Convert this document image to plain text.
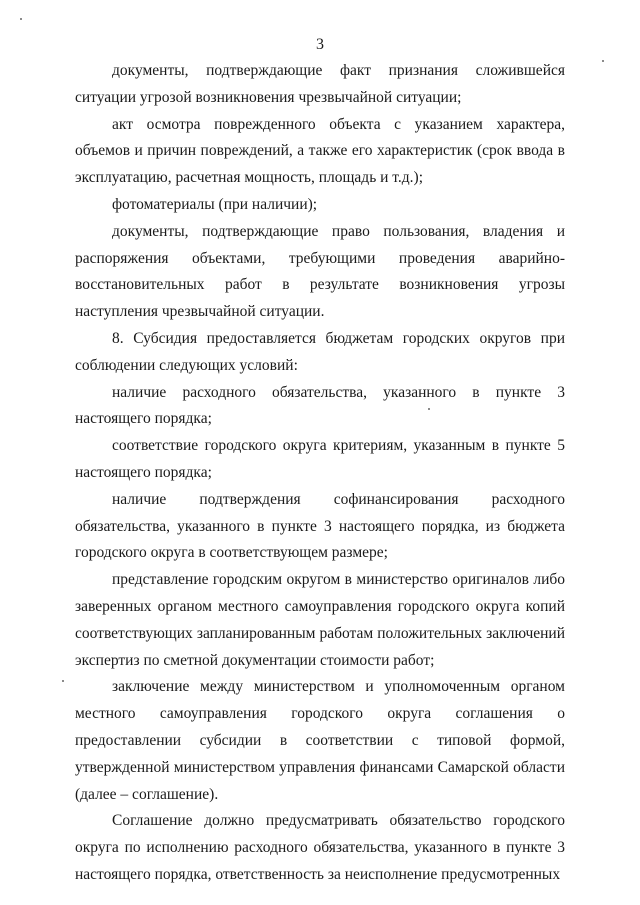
3

документы, подтверждающие факт признания сложившейся ситуации угрозой возникновения чрезвычайной ситуации;

акт осмотра поврежденного объекта с указанием характера, объемов и причин повреждений, а также его характеристик (срок ввода в эксплуатацию, расчетная мощность, площадь и т.д.);

фотоматериалы (при наличии);

документы, подтверждающие право пользования, владения и распоряжения объектами, требующими проведения аварийно-восстановительных работ в результате возникновения угрозы наступления чрезвычайной ситуации.

8. Субсидия предоставляется бюджетам городских округов при соблюдении следующих условий:

наличие расходного обязательства, указанного в пункте 3 настоящего порядка;

соответствие городского округа критериям, указанным в пункте 5 настоящего порядка;

наличие подтверждения софинансирования расходного обязательства, указанного в пункте 3 настоящего порядка, из бюджета городского округа в соответствующем размере;

представление городским округом в министерство оригиналов либо заверенных органом местного самоуправления городского округа копий соответствующих запланированным работам положительных заключений экспертиз по сметной документации стоимости работ;

заключение между министерством и уполномоченным органом местного самоуправления городского округа соглашения о предоставлении субсидии в соответствии с типовой формой, утвержденной министерством управления финансами Самарской области (далее – соглашение).

Соглашение должно предусматривать обязательство городского округа по исполнению расходного обязательства, указанного в пункте 3 настоящего порядка, ответственность за неисполнение предусмотренных
